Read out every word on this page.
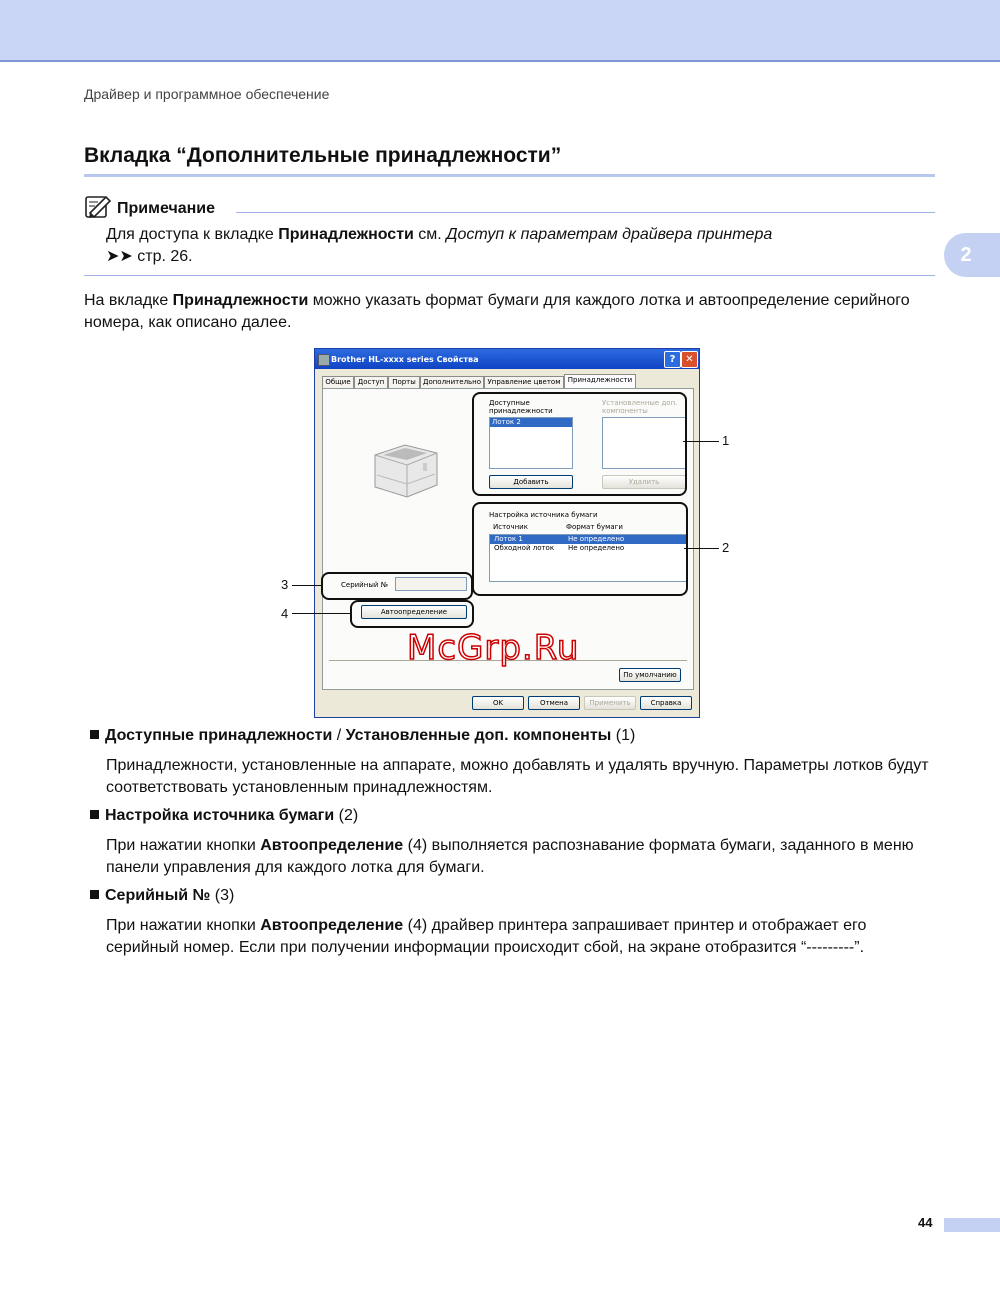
Драйвер и программное обеспечение
2
Вкладка “Дополнительные принадлежности”
Примечание
Для доступа к вкладке Принадлежности см. Доступ к параметрам драйвера принтера
➤➤ стр. 26.
На вкладке Принадлежности можно указать формат бумаги для каждого лотка и автоопределение серийного номера, как описано далее.
Brother HL-xxxx series Свойства	? ✕
Общие	Доступ	Порты	Дополнительно Управление цветом	Принадлежности
Доступные
принадлежности
Лоток 2
Установленные доп.
компоненты
Добавить	Удалить
Настройка источника бумаги
Источник	Формат бумаги
Лоток 1	Не определено
Обходной лоток Не определено
Серийный №
Автоопределение
По умолчанию
OK	Отмена	Применить	Справка
1
2
3
4
McGrp.Ru
Доступные принадлежности / Установленные доп. компоненты (1)
Принадлежности, установленные на аппарате, можно добавлять и удалять вручную. Параметры лотков будут соответствовать установленным принадлежностям.
Настройка источника бумаги (2)
При нажатии кнопки Автоопределение (4) выполняется распознавание формата бумаги, заданного в меню панели управления для каждого лотка для бумаги.
Серийный № (3)
При нажатии кнопки Автоопределение (4) драйвер принтера запрашивает принтер и отображает его серийный номер. Если при получении информации происходит сбой, на экране отобразится “---------”.
44
